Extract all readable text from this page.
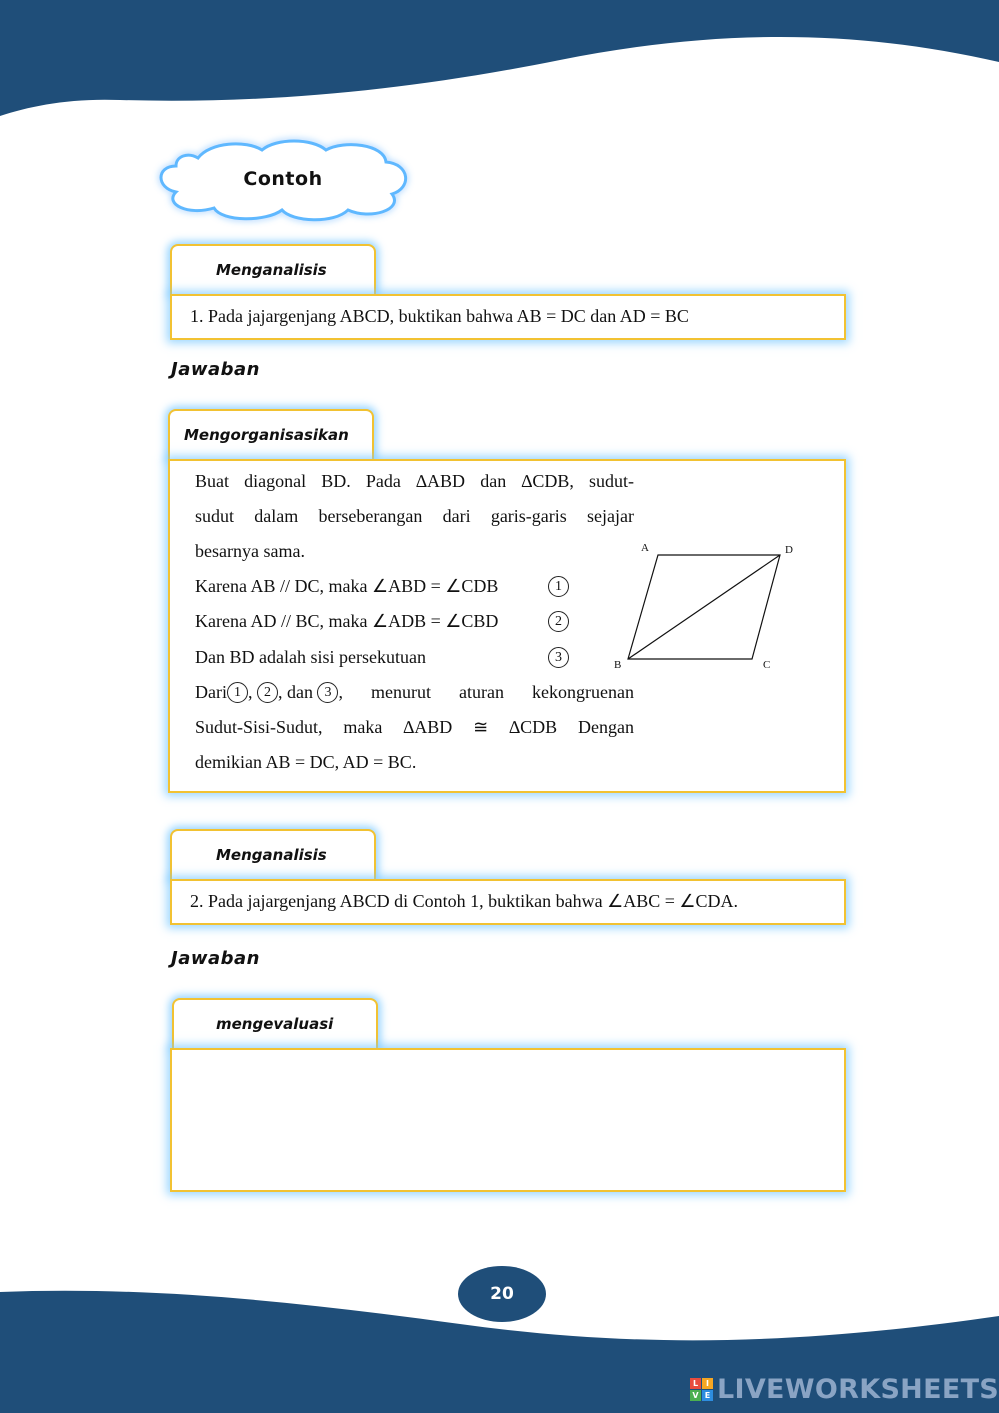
Contoh
Menganalisis
1. Pada jajargenjang ABCD, buktikan bahwa AB = DC dan AD = BC
Jawaban
Mengorganisasikan
Buat diagonal BD. Pada ∆ABD dan ∆CDB, sudut-
sudut dalam berseberangan dari garis-garis sejajar
besarnya sama.
Karena AB // DC, maka ∠ABD = ∠CDB	1
Karena AD // BC, maka ∠ADB = ∠CBD	2
Dan BD adalah sisi persekutuan	3
Dari 1 , 2 , dan 3 , menurut aturan kekongruenan
Sudut-Sisi-Sudut, maka ∆ABD ≅ ∆CDB Dengan
demikian AB = DC, AD = BC.
A	D
B	C
Menganalisis
2. Pada jajargenjang ABCD di Contoh 1, buktikan bahwa ∠ABC = ∠CDA.
Jawaban
mengevaluasi
20
L I
V E LIVEWORKSHEETS
